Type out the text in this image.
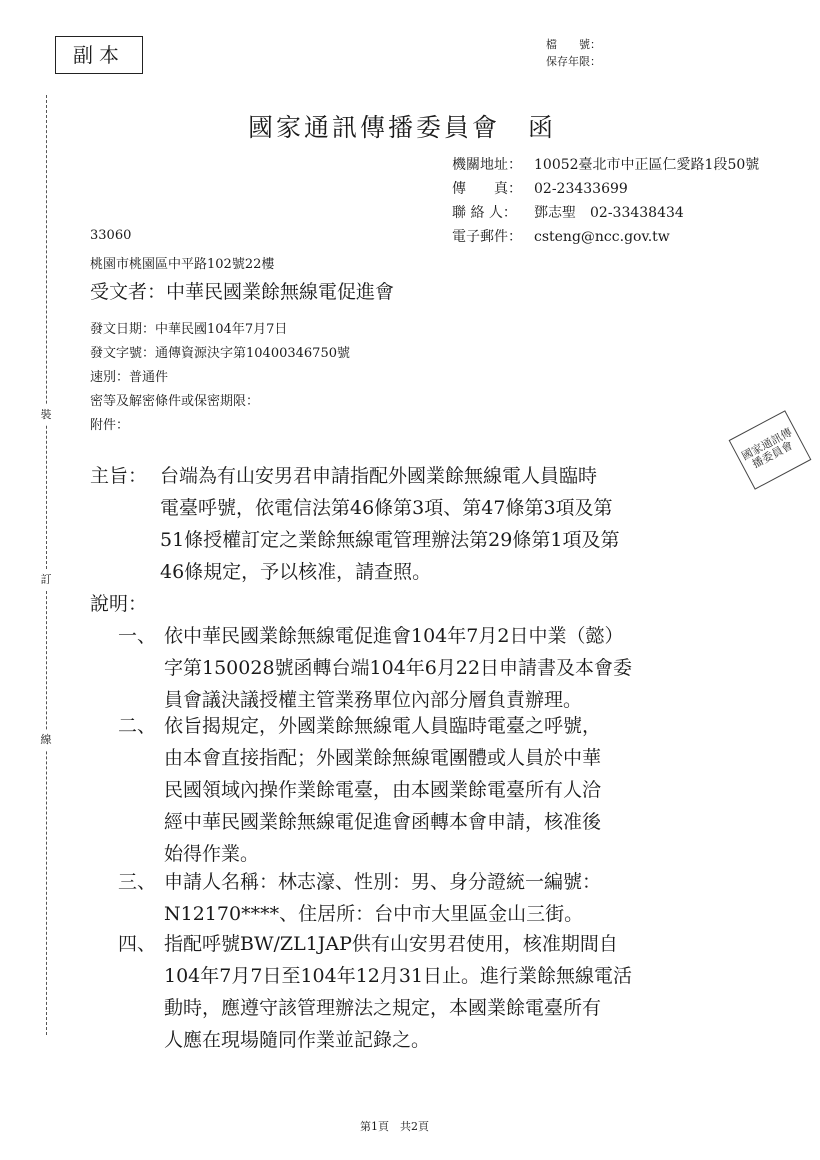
副本	檔　　號：
保存年限：
裝
訂
線
國家通訊傳播委員會　函
機關地址： 10052臺北市中正區仁愛路1段50號
傳　　真： 02-23433699
聯 絡 人： 鄧志聖　02-33438434
電子郵件： csteng@ncc.gov.tw
33060
桃園市桃園區中平路102號22樓
受文者：中華民國業餘無線電促進會
發文日期：中華民國104年7月7日
發文字號：通傳資源決字第10400346750號
速別：普通件
密等及解密條件或保密期限：
附件：
國家通訊傳播委員會
主旨： 台端為有山安男君申請指配外國業餘無線電人員臨時
電臺呼號，依電信法第46條第3項、第47條第3項及第
51條授權訂定之業餘無線電管理辦法第29條第1項及第
46條規定，予以核准，請查照。
說明：
一、 依中華民國業餘無線電促進會104年7月2日中業（懿）
字第150028號函轉台端104年6月22日申請書及本會委
員會議決議授權主管業務單位內部分層負責辦理。
二、 依旨揭規定，外國業餘無線電人員臨時電臺之呼號，
由本會直接指配；外國業餘無線電團體或人員於中華
民國領域內操作業餘電臺，由本國業餘電臺所有人洽
經中華民國業餘無線電促進會函轉本會申請，核准後
始得作業。
三、 申請人名稱：林志濠、性別：男、身分證統一編號：
N12170****、住居所：台中市大里區金山三街。
四、 指配呼號BW/ZL1JAP供有山安男君使用，核准期間自
104年7月7日至104年12月31日止。進行業餘無線電活
動時，應遵守該管理辦法之規定，本國業餘電臺所有
人應在現場隨同作業並記錄之。
第1頁　共2頁
